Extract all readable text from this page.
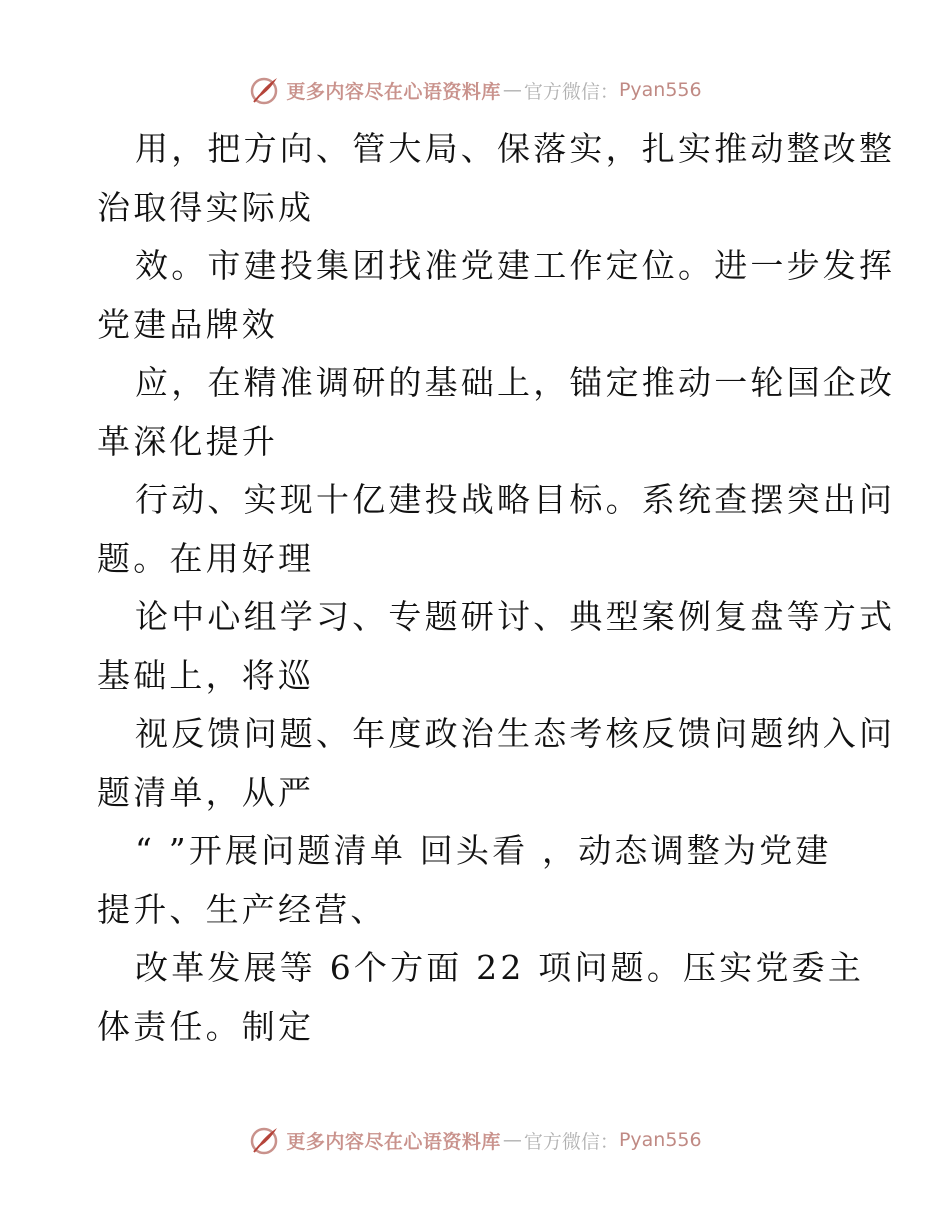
更多内容尽在心语资料库 — 官方微信： Pyan556
用，把方向、管大局、保落实，扎实推动整改整
治取得实际成
效。市建投集团找准党建工作定位。进一步发挥
党建品牌效
应，在精准调研的基础上，锚定推动一轮国企改
革深化提升
行动、实现十亿建投战略目标。系统查摆突出问
题。在用好理
论中心组学习、专题研讨、典型案例复盘等方式
基础上，将巡
视反馈问题、年度政治生态考核反馈问题纳入问
题清单，从严
“ ”开展问题清单 回头看 ，动态调整为党建
提升、生产经营、
改革发展等 6个方面 22 项问题。压实党委主
体责任。制定
更多内容尽在心语资料库 — 官方微信： Pyan556
